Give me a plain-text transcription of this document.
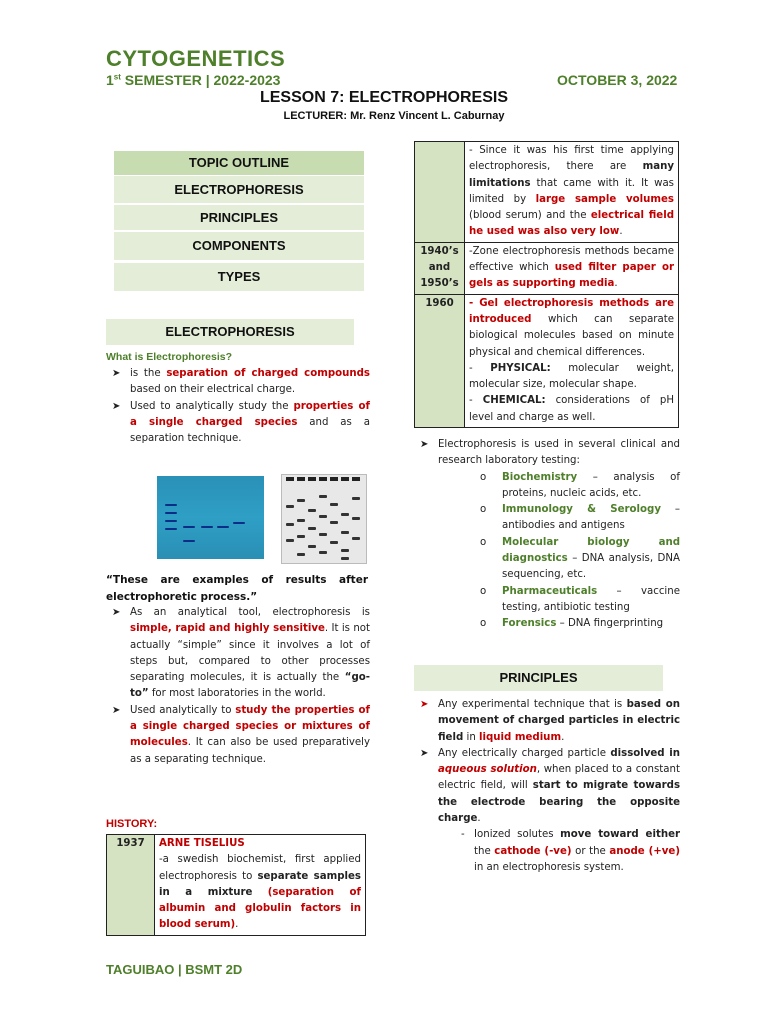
CYTOGENETICS
1st SEMESTER | 2022-2023	OCTOBER 3, 2022
LESSON 7: ELECTROPHORESIS
LECTURER: Mr. Renz Vincent L. Caburnay
TOPIC OUTLINE
ELECTROPHORESIS
PRINCIPLES
COMPONENTS
TYPES
ELECTROPHORESIS
What is Electrophoresis?
➤ is the separation of charged compounds based on their electrical charge.
➤ Used to analytically study the properties of a single charged species and as a separation technique.
“These are examples of results after electrophoretic process.”
➤ As an analytical tool, electrophoresis is simple, rapid and highly sensitive. It is not actually “simple” since it involves a lot of steps but, compared to other processes separating molecules, it is actually the “go-to” for most laboratories in the world.
➤ Used analytically to study the properties of a single charged species or mixtures of molecules. It can also be used preparatively as a separating technique.
HISTORY:
1937	ARNE TISELIUS
-a swedish biochemist, first applied electrophoresis to separate samples in a mixture (separation of albumin and globulin factors in blood serum).
	- Since it was his first time applying electrophoresis, there are many limitations that came with it. It was limited by large sample volumes (blood serum) and the electrical field he used was also very low.
1940’s and 1950’s	-Zone electrophoresis methods became effective which used filter paper or gels as supporting media.
1960	- Gel electrophoresis methods are introduced which can separate biological molecules based on minute physical and chemical differences.
- PHYSICAL: molecular weight, molecular size, molecular shape.
- CHEMICAL: considerations of pH level and charge as well.
➤ Electrophoresis is used in several clinical and research laboratory testing:
o Biochemistry – analysis of proteins, nucleic acids, etc.
o Immunology & Serology – antibodies and antigens
o Molecular biology and diagnostics – DNA analysis, DNA sequencing, etc.
o Pharmaceuticals – vaccine testing, antibiotic testing
o Forensics – DNA fingerprinting
PRINCIPLES
➤ Any experimental technique that is based on movement of charged particles in electric field in liquid medium.
➤ Any electrically charged particle dissolved in aqueous solution, when placed to a constant electric field, will start to migrate towards the electrode bearing the opposite charge.
- Ionized solutes move toward either the cathode (-ve) or the anode (+ve) in an electrophoresis system.
TAGUIBAO | BSMT 2D
